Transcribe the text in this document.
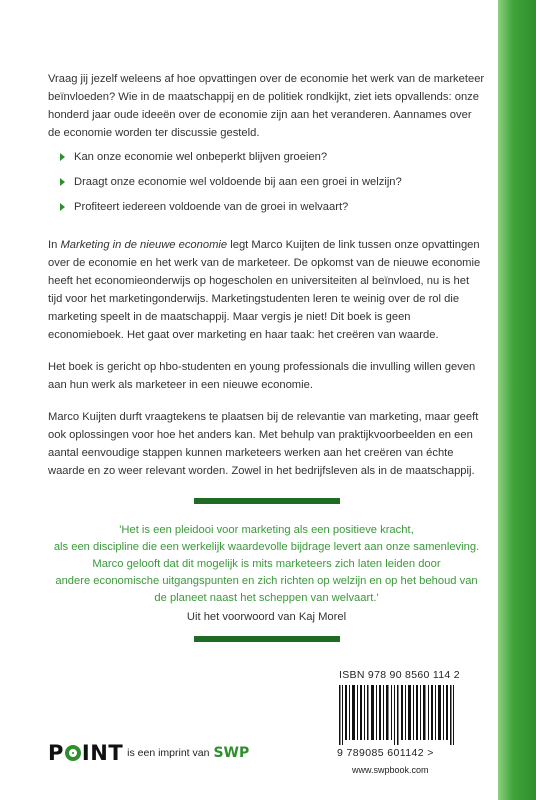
Vraag jij jezelf weleens af hoe opvattingen over de economie het werk van de marketeer beïnvloeden? Wie in de maatschappij en de politiek rondkijkt, ziet iets opvallends: onze honderd jaar oude ideeën over de economie zijn aan het veranderen. Aannames over de economie worden ter discussie gesteld.

Kan onze economie wel onbeperkt blijven groeien?
Draagt onze economie wel voldoende bij aan een groei in welzijn?
Profiteert iedereen voldoende van de groei in welvaart?

In Marketing in de nieuwe economie legt Marco Kuijten de link tussen onze opvattingen over de economie en het werk van de marketeer. De opkomst van de nieuwe economie heeft het economieonderwijs op hogescholen en universiteiten al beïnvloed, nu is het tijd voor het marketingonderwijs. Marketingstudenten leren te weinig over de rol die marketing speelt in de maatschappij. Maar vergis je niet! Dit boek is geen economieboek. Het gaat over marketing en haar taak: het creëren van waarde.

Het boek is gericht op hbo-studenten en young professionals die invulling willen geven aan hun werk als marketeer in een nieuwe economie.

Marco Kuijten durft vraagtekens te plaatsen bij de relevantie van marketing, maar geeft ook oplossingen voor hoe het anders kan. Met behulp van praktijkvoorbeelden en een aantal eenvoudige stappen kunnen marketeers werken aan het creëren van échte waarde en zo weer relevant worden. Zowel in het bedrijfsleven als in de maatschappij.

'Het is een pleidooi voor marketing als een positieve kracht,
als een discipline die een werkelijk waardevolle bijdrage levert aan onze samenleving.
Marco gelooft dat dit mogelijk is mits marketeers zich laten leiden door
andere economische uitgangspunten en zich richten op welzijn en op het behoud van
de planeet naast het scheppen van welvaart.'
Uit het voorwoord van Kaj Morel
ISBN 978 90 8560 114 2
9 789085 601142 >
www.swpbook.com
P I N T is een imprint van SWP
